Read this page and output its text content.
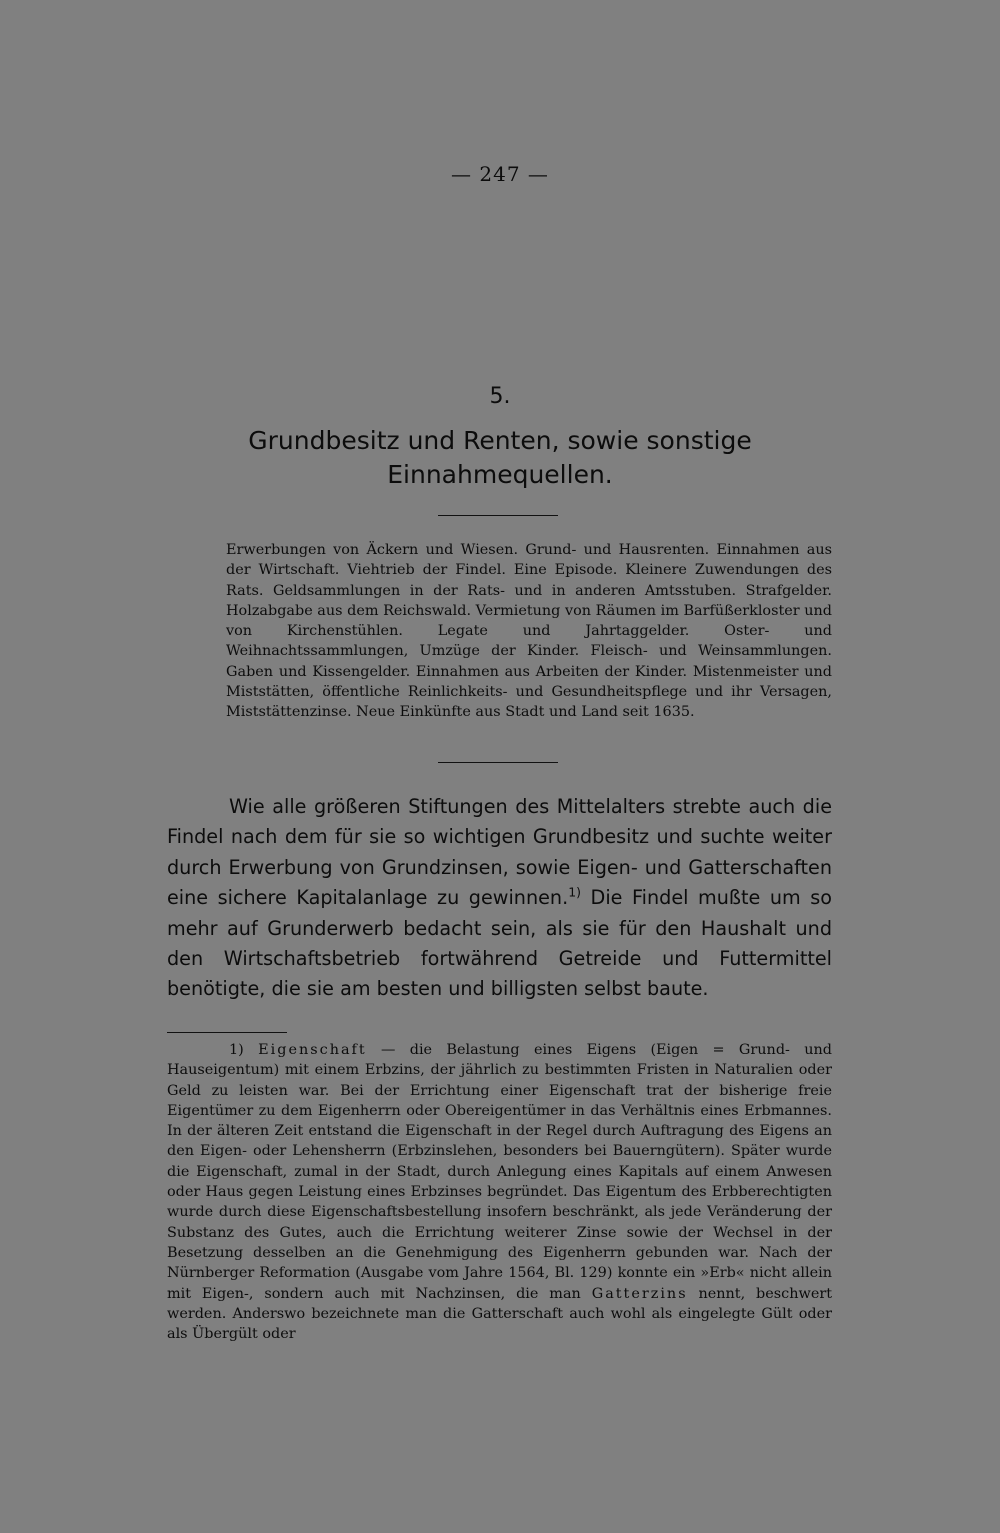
— 247 —
5.
Grundbesitz und Renten, sowie sonstige Einnahmequellen.

Erwerbungen von Äckern und Wiesen. Grund- und Hausrenten. Einnahmen aus der Wirtschaft. Viehtrieb der Findel. Eine Episode. Kleinere Zuwendungen des Rats. Geldsammlungen in der Rats- und in anderen Amtsstuben. Strafgelder. Holzabgabe aus dem Reichswald. Vermietung von Räumen im Barfüßerkloster und von Kirchenstühlen. Legate und Jahrtaggelder. Oster- und Weihnachtssammlungen, Umzüge der Kinder. Fleisch- und Weinsammlungen. Gaben und Kissengelder. Einnahmen aus Arbeiten der Kinder. Mistenmeister und Miststätten, öffentliche Reinlichkeits- und Gesundheitspflege und ihr Versagen, Miststättenzinse. Neue Einkünfte aus Stadt und Land seit 1635.

Wie alle größeren Stiftungen des Mittelalters strebte auch die Findel nach dem für sie so wichtigen Grundbesitz und suchte weiter durch Erwerbung von Grundzinsen, sowie Eigen- und Gatterschaften eine sichere Kapitalanlage zu gewinnen.$^{1)}$ Die Findel mußte um so mehr auf Grunderwerb bedacht sein, als sie für den Haushalt und den Wirtschaftsbetrieb fortwährend Getreide und Futtermittel benötigte, die sie am besten und billigsten selbst baute.

1) Eigenschaft — die Belastung eines Eigens (Eigen = Grund- und Hauseigentum) mit einem Erbzins, der jährlich zu bestimmten Fristen in Naturalien oder Geld zu leisten war. Bei der Errichtung einer Eigenschaft trat der bisherige freie Eigentümer zu dem Eigenherrn oder Obereigentümer in das Verhältnis eines Erbmannes. In der älteren Zeit entstand die Eigenschaft in der Regel durch Auftragung des Eigens an den Eigen- oder Lehensherrn (Erbzinslehen, besonders bei Bauerngütern). Später wurde die Eigenschaft, zumal in der Stadt, durch Anlegung eines Kapitals auf einem Anwesen oder Haus gegen Leistung eines Erbzinses begründet. Das Eigentum des Erbberechtigten wurde durch diese Eigenschaftsbestellung insofern beschränkt, als jede Veränderung der Substanz des Gutes, auch die Errichtung weiterer Zinse sowie der Wechsel in der Besetzung desselben an die Genehmigung des Eigenherrn gebunden war. Nach der Nürnberger Reformation (Ausgabe vom Jahre 1564, Bl. 129) konnte ein »Erb« nicht allein mit Eigen-, sondern auch mit Nachzinsen, die man Gatterzins nennt, beschwert werden. Anderswo bezeichnete man die Gatterschaft auch wohl als eingelegte Gült oder als Übergült oder
